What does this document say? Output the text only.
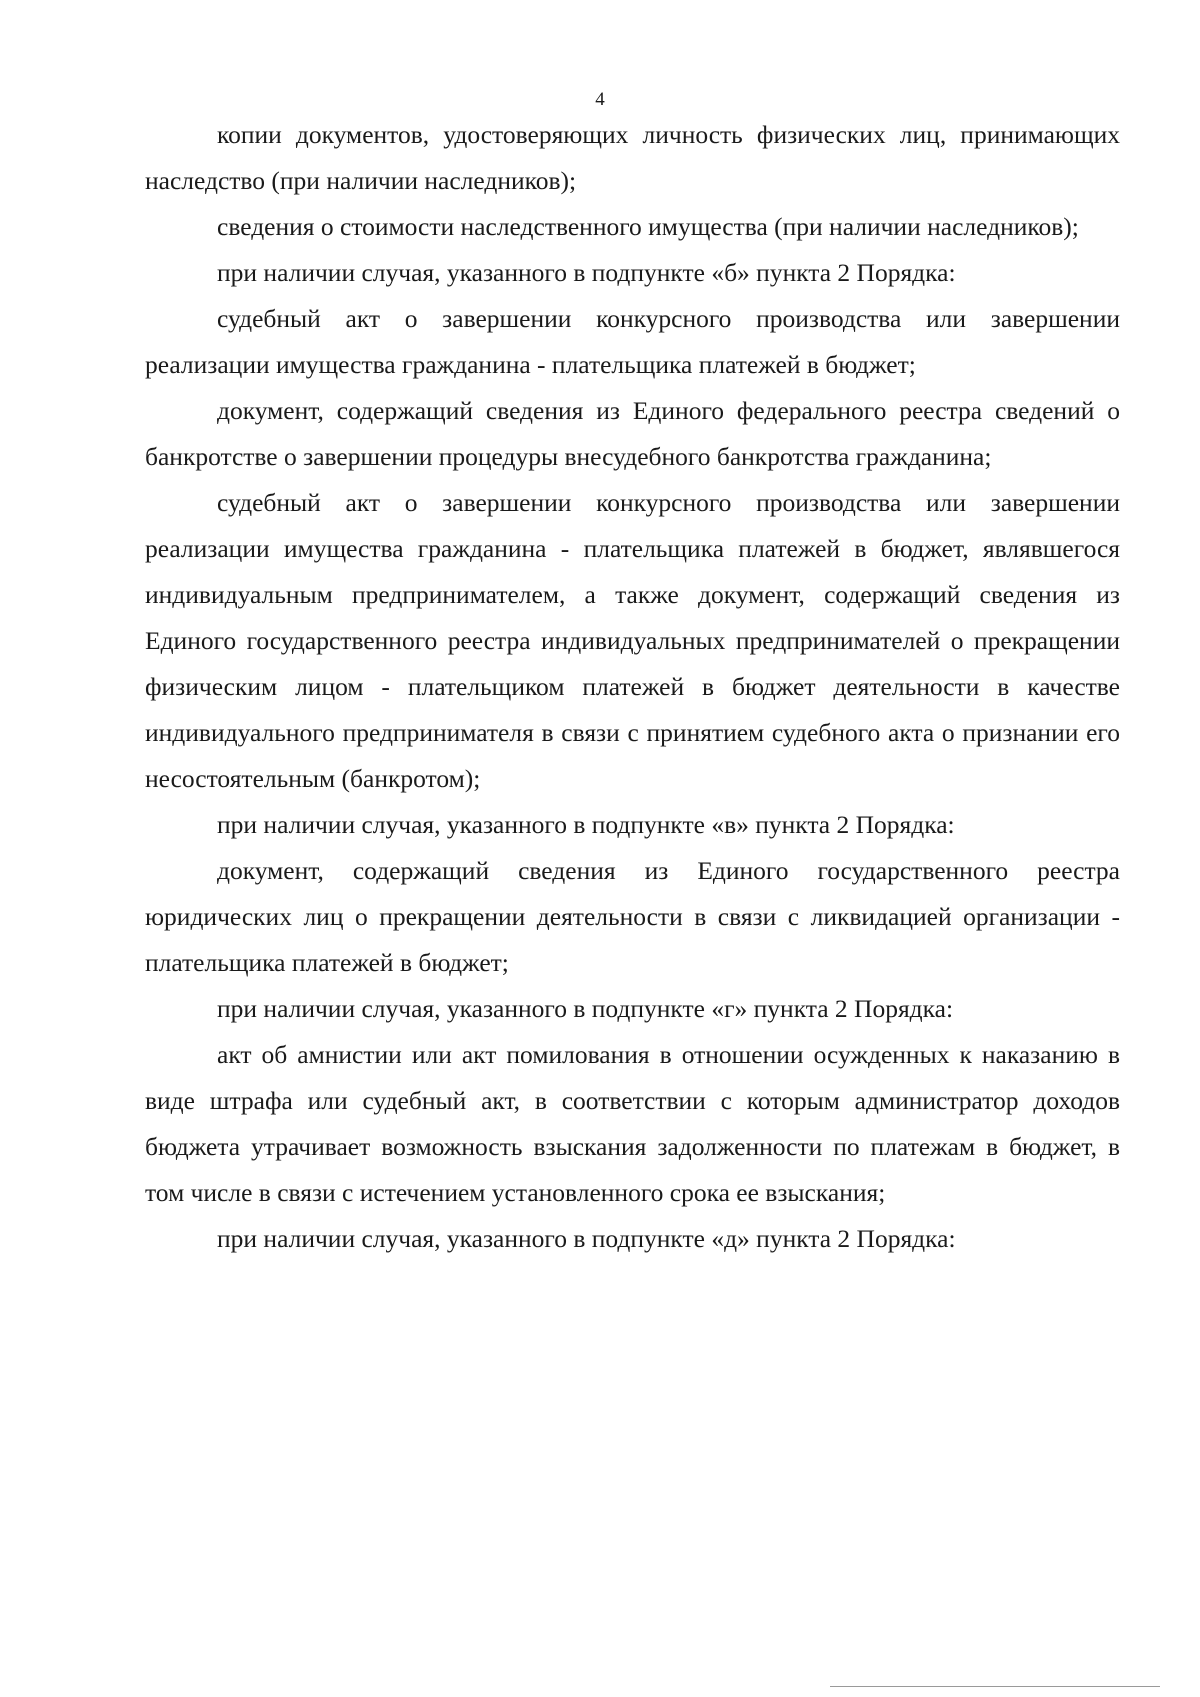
4

копии документов, удостоверяющих личность физических лиц, принимающих наследство (при наличии наследников);

сведения о стоимости наследственного имущества (при наличии наследников);

при наличии случая, указанного в подпункте «б» пункта 2 Порядка:

судебный акт о завершении конкурсного производства или завершении реализации имущества гражданина - плательщика платежей в бюджет;

документ, содержащий сведения из Единого федерального реестра сведений о банкротстве о завершении процедуры внесудебного банкротства гражданина;

судебный акт о завершении конкурсного производства или завершении реализации имущества гражданина - плательщика платежей в бюджет, являвшегося индивидуальным предпринимателем, а также документ, содержащий сведения из Единого государственного реестра индивидуальных предпринимателей о прекращении физическим лицом - плательщиком платежей в бюджет деятельности в качестве индивидуального предпринимателя в связи с принятием судебного акта о признании его несостоятельным (банкротом);

при наличии случая, указанного в подпункте «в» пункта 2 Порядка:

документ, содержащий сведения из Единого государственного реестра юридических лиц о прекращении деятельности в связи с ликвидацией организации - плательщика платежей в бюджет;

при наличии случая, указанного в подпункте «г» пункта 2 Порядка:

акт об амнистии или акт помилования в отношении осужденных к наказанию в виде штрафа или судебный акт, в соответствии с которым администратор доходов бюджета утрачивает возможность взыскания задолженности по платежам в бюджет, в том числе в связи с истечением установленного срока ее взыскания;

при наличии случая, указанного в подпункте «д» пункта 2 Порядка:
